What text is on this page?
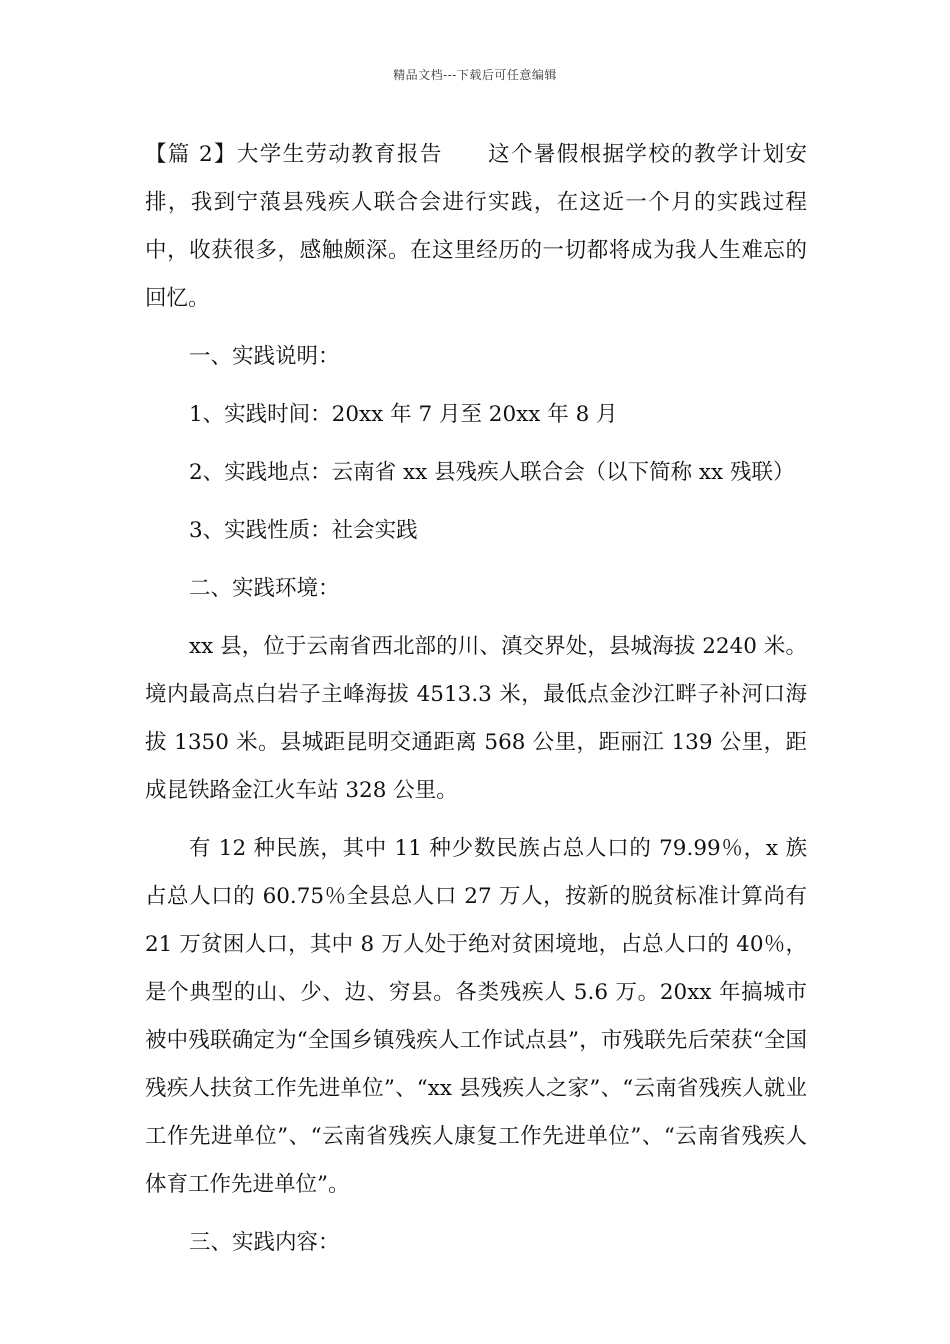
精品文档---下载后可任意编辑

【篇 2】大学生劳动教育报告 这个暑假根据学校的教学计划安排，我到宁蒗县残疾人联合会进行实践，在这近一个月的实践过程中，收获很多，感触颇深。在这里经历的一切都将成为我人生难忘的回忆。

一、实践说明：

1、实践时间：20xx 年 7 月至 20xx 年 8 月

2、实践地点：云南省 xx 县残疾人联合会（以下简称 xx 残联）

3、实践性质：社会实践

二、实践环境：

xx 县，位于云南省西北部的川、滇交界处，县城海拔 2240 米。境内最高点白岩子主峰海拔 4513.3 米，最低点金沙江畔子补河口海拔 1350 米。县城距昆明交通距离 568 公里，距丽江 139 公里，距成昆铁路金江火车站 328 公里。

有 12 种民族，其中 11 种少数民族占总人口的 79.99％，x 族占总人口的 60.75％全县总人口 27 万人，按新的脱贫标准计算尚有 21 万贫困人口，其中 8 万人处于绝对贫困境地，占总人口的 40％，是个典型的山、少、边、穷县。各类残疾人 5.6 万。20xx 年搞城市被中残联确定为“全国乡镇残疾人工作试点县”，市残联先后荣获“全国残疾人扶贫工作先进单位”、“xx 县残疾人之家”、“云南省残疾人就业工作先进单位”、“云南省残疾人康复工作先进单位”、“云南省残疾人体育工作先进单位”。

三、实践内容：
